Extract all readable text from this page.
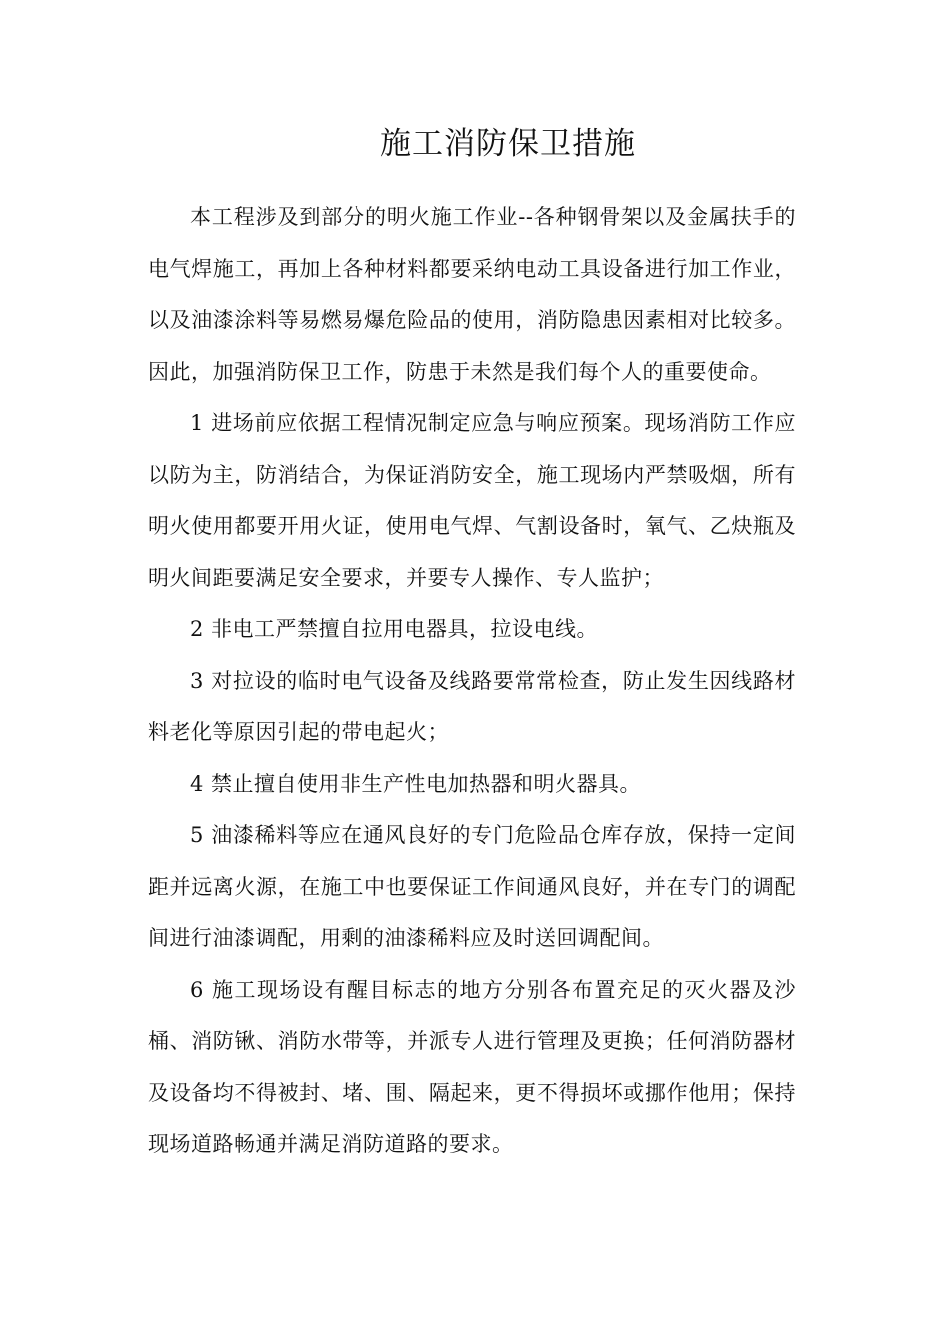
施工消防保卫措施

本工程涉及到部分的明火施工作业--各种钢骨架以及金属扶手的电气焊施工，再加上各种材料都要采纳电动工具设备进行加工作业，以及油漆涂料等易燃易爆危险品的使用，消防隐患因素相对比较多。因此，加强消防保卫工作，防患于未然是我们每个人的重要使命。

1 进场前应依据工程情况制定应急与响应预案。现场消防工作应以防为主，防消结合，为保证消防安全，施工现场内严禁吸烟，所有明火使用都要开用火证，使用电气焊、气割设备时，氧气、乙炔瓶及明火间距要满足安全要求，并要专人操作、专人监护；

2 非电工严禁擅自拉用电器具，拉设电线。

3 对拉设的临时电气设备及线路要常常检查，防止发生因线路材料老化等原因引起的带电起火；

4 禁止擅自使用非生产性电加热器和明火器具。

5 油漆稀料等应在通风良好的专门危险品仓库存放，保持一定间距并远离火源，在施工中也要保证工作间通风良好，并在专门的调配间进行油漆调配，用剩的油漆稀料应及时送回调配间。

6 施工现场设有醒目标志的地方分别各布置充足的灭火器及沙桶、消防锹、消防水带等，并派专人进行管理及更换；任何消防器材及设备均不得被封、堵、围、隔起来，更不得损坏或挪作他用；保持现场道路畅通并满足消防道路的要求。
